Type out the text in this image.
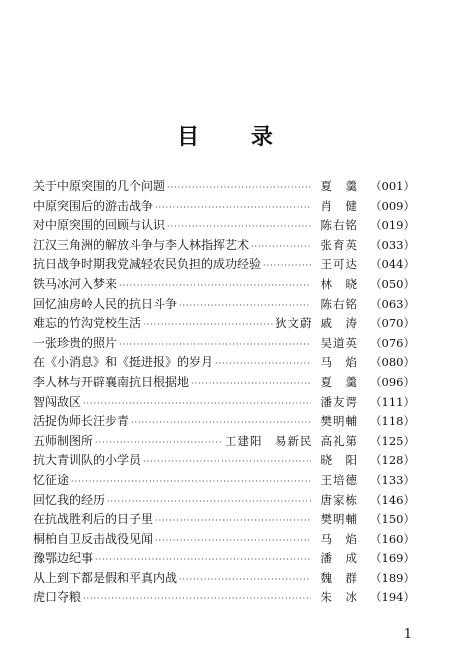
目 录
关于中原突围的几个问题 ·····	夏　羹	（001）
中原突围后的游击战争 ·····	肖　健	（009）
对中原突围的回顾与认识 ·····	陈右铭	（019）
江汉三角洲的解放斗争与李人林指挥艺术 ·····	张育英	（033）
抗日战争时期我党减轻农民负担的成功经验 ·····	王可达	（044）
铁马冰河入梦来 ·····	林　晓	（050）
回忆油房岭人民的抗日斗争 ·····	陈右铭	（063）
难忘的竹沟党校生活 ·····	狄文蔚 戚　涛	（070）
一张珍贵的照片 ·····	吴道英	（076）
在《小消息》和《挺进报》的岁月 ·····	马　焰	（080）
李人林与开辟襄南抗日根据地 ·····	夏　羹	（096）
智闯敌区 ·····	潘友谔	（111）
活捉伪师长汪步青 ·····	樊明輔	（118）
五师制图所 ·····	工建阳　易新民 高礼第	（125）
抗大青训队的小学员 ·····	晓　阳	（128）
忆征途 ·····	王培德	（133）
回忆我的经历 ·····	唐家栋	（146）
在抗战胜利后的日子里 ·····	樊明輔	（150）
桐柏自卫反击战役见闻 ·····	马　焰	（160）
豫鄂边纪事 ·····	潘　成	（169）
从上到下都是假和平真内战 ·····	魏　群	（189）
虎口夺粮 ·····	朱　冰	（194）
1
